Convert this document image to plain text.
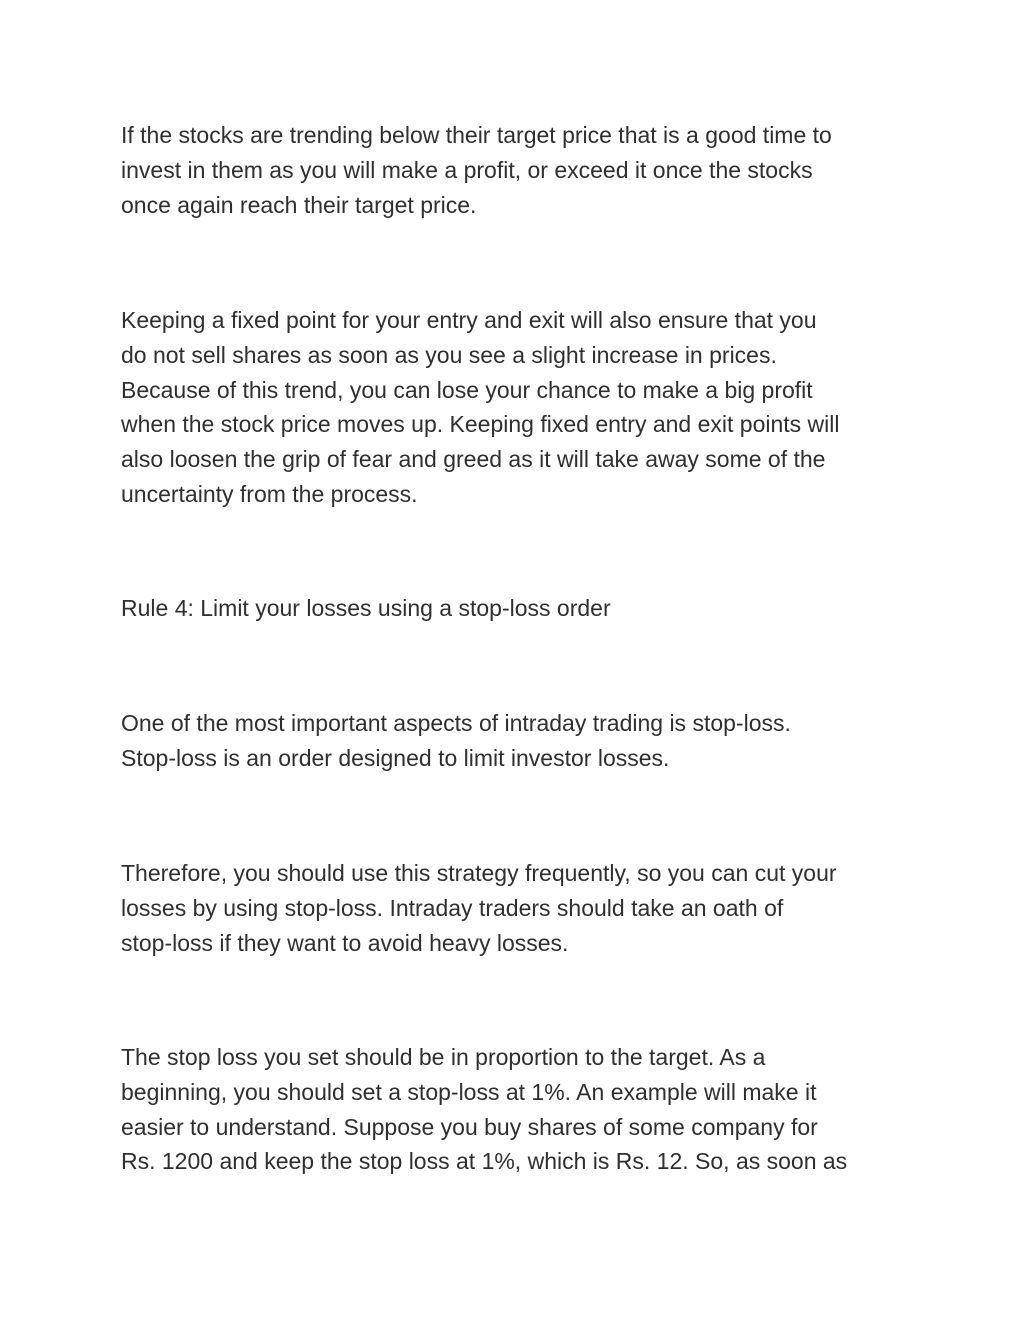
If the stocks are trending below their target price that is a good time to
invest in them as you will make a profit, or exceed it once the stocks
once again reach their target price.

Keeping a fixed point for your entry and exit will also ensure that you
do not sell shares as soon as you see a slight increase in prices.
Because of this trend, you can lose your chance to make a big profit
when the stock price moves up. Keeping fixed entry and exit points will
also loosen the grip of fear and greed as it will take away some of the
uncertainty from the process.

Rule 4: Limit your losses using a stop-loss order

One of the most important aspects of intraday trading is stop-loss.
Stop-loss is an order designed to limit investor losses.

Therefore, you should use this strategy frequently, so you can cut your
losses by using stop-loss. Intraday traders should take an oath of
stop-loss if they want to avoid heavy losses.

The stop loss you set should be in proportion to the target. As a
beginning, you should set a stop-loss at 1%. An example will make it
easier to understand. Suppose you buy shares of some company for
Rs. 1200 and keep the stop loss at 1%, which is Rs. 12. So, as soon as
